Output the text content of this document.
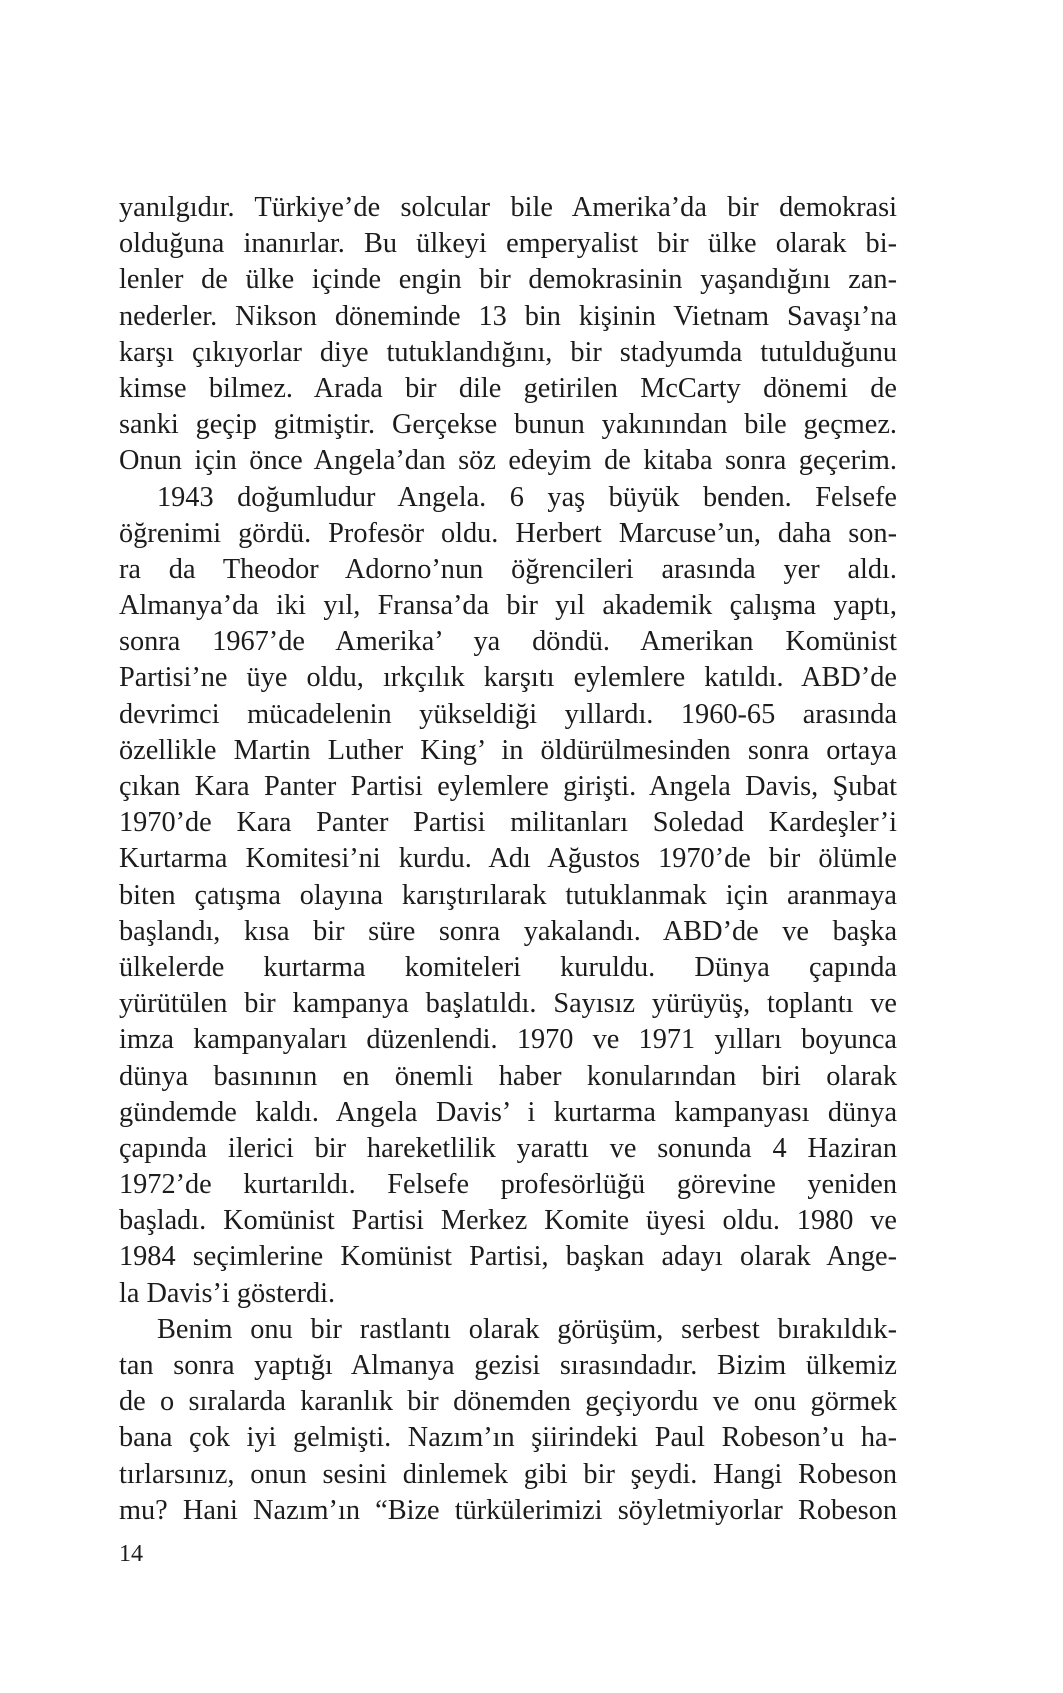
yanılgıdır. Türkiye’de solcular bile Amerika’da bir demokrasi
olduğuna inanırlar. Bu ülkeyi emperyalist bir ülke olarak bi-
lenler de ülke içinde engin bir demokrasinin yaşandığını zan-
nederler. Nikson döneminde 13 bin kişinin Vietnam Savaşı’na
karşı çıkıyorlar diye tutuklandığını, bir stadyumda tutulduğunu
kimse bilmez. Arada bir dile getirilen McCarty dönemi de
sanki geçip gitmiştir. Gerçekse bunun yakınından bile geçmez.
Onun için önce Angela’dan söz edeyim de kitaba sonra geçerim.
1943 doğumludur Angela. 6 yaş büyük benden. Felsefe
öğrenimi gördü. Profesör oldu. Herbert Marcuse’un, daha son-
ra da Theodor Adorno’nun öğrencileri arasında yer aldı.
Almanya’da iki yıl, Fransa’da bir yıl akademik çalışma yaptı,
sonra 1967’de Amerika’ ya döndü. Amerikan Komünist
Partisi’ne üye oldu, ırkçılık karşıtı eylemlere katıldı. ABD’de
devrimci mücadelenin yükseldiği yıllardı. 1960-65 arasında
özellikle Martin Luther King’ in öldürülmesinden sonra ortaya
çıkan Kara Panter Partisi eylemlere girişti. Angela Davis, Şubat
1970’de Kara Panter Partisi militanları Soledad Kardeşler’i
Kurtarma Komitesi’ni kurdu. Adı Ağustos 1970’de bir ölümle
biten çatışma olayına karıştırılarak tutuklanmak için aranmaya
başlandı, kısa bir süre sonra yakalandı. ABD’de ve başka
ülkelerde kurtarma komiteleri kuruldu. Dünya çapında
yürütülen bir kampanya başlatıldı. Sayısız yürüyüş, toplantı ve
imza kampanyaları düzenlendi. 1970 ve 1971 yılları boyunca
dünya basınının en önemli haber konularından biri olarak
gündemde kaldı. Angela Davis’ i kurtarma kampanyası dünya
çapında ilerici bir hareketlilik yarattı ve sonunda 4 Haziran
1972’de kurtarıldı. Felsefe profesörlüğü görevine yeniden
başladı. Komünist Partisi Merkez Komite üyesi oldu. 1980 ve
1984 seçimlerine Komünist Partisi, başkan adayı olarak Ange-
la Davis’i gösterdi.
Benim onu bir rastlantı olarak görüşüm, serbest bırakıldık-
tan sonra yaptığı Almanya gezisi sırasındadır. Bizim ülkemiz
de o sıralarda karanlık bir dönemden geçiyordu ve onu görmek
bana çok iyi gelmişti. Nazım’ın şiirindeki Paul Robeson’u ha-
tırlarsınız, onun sesini dinlemek gibi bir şeydi. Hangi Robeson
mu? Hani Nazım’ın “Bize türkülerimizi söyletmiyorlar Robeson
14
